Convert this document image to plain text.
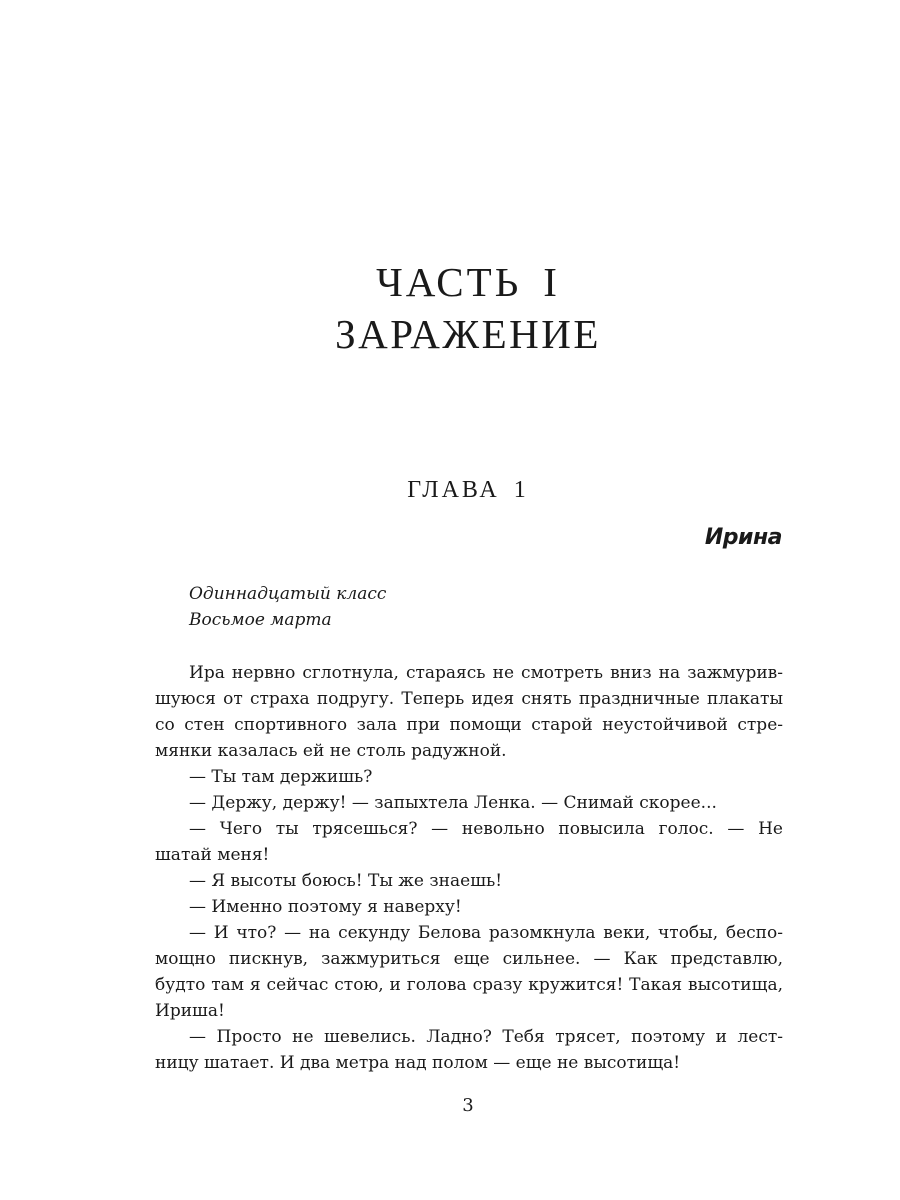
ЧАСТЬ I
ЗАРАЖЕНИЕ
ГЛАВА 1
Ирина
Одиннадцатый класс
Восьмое марта
Ира нервно сглотнула, стараясь не смотреть вниз на зажмурив-
шуюся от страха подругу. Теперь идея снять праздничные плакаты
со стен спортивного зала при помощи старой неустойчивой стре-
мянки казалась ей не столь радужной.
— Ты там держишь?
— Держу, держу! — запыхтела Ленка. — Снимай скорее...
— Чего ты трясешься? — невольно повысила голос. — Не
шатай меня!
— Я высоты боюсь! Ты же знаешь!
— Именно поэтому я наверху!
— И что? — на секунду Белова разомкнула веки, чтобы, беспо-
мощно пискнув, зажмуриться еще сильнее. — Как представлю,
будто там я сейчас стою, и голова сразу кружится! Такая высотища,
Ириша!
— Просто не шевелись. Ладно? Тебя трясет, поэтому и лест-
ницу шатает. И два метра над полом — еще не высотища!
3
